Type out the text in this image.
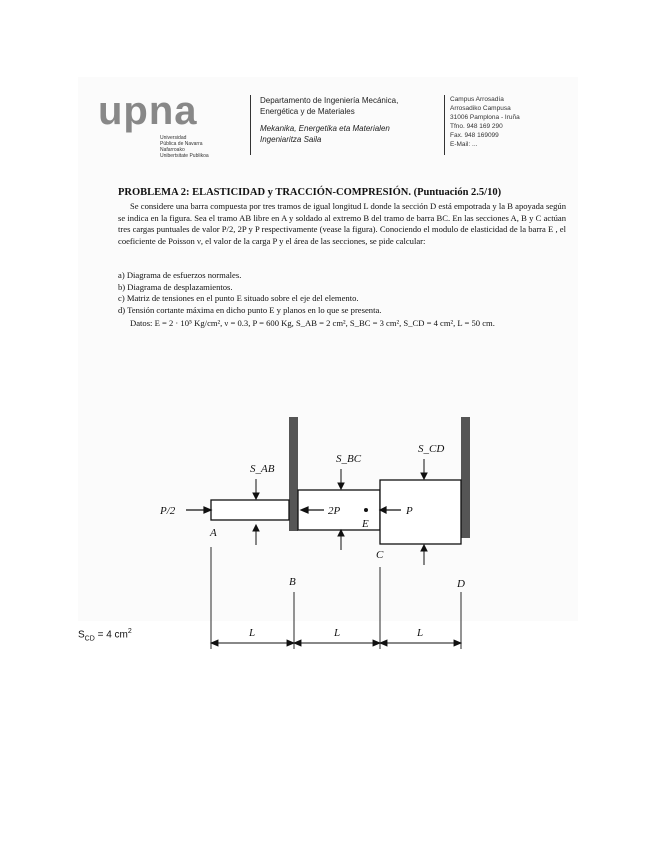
upna
Universidad
Pública de Navarra
Nafarroako
Unibertsitate Publikoa
Departamento de Ingeniería Mecánica,
Energética y de Materiales
Mekanika, Energetika eta Materialen
Ingeniaritza Saila
Campus Arrosadía
Arrosadiko Campusa
31006 Pamplona - Iruña
Tfno. 948 169 290
Fax. 948 169099
E-Mail: ...
PROBLEMA 2: ELASTICIDAD y TRACCIÓN-COMPRESIÓN. (Puntuación 2.5/10)
Se considere una barra compuesta por tres tramos de igual longitud L donde la sección D está empotrada y la B apoyada según se indica en la figura. Sea el tramo AB libre en A y soldado al extremo B del tramo de barra BC. En las secciones A, B y C actúan tres cargas puntuales de valor P/2, 2P y P respectivamente (vease la figura). Conociendo el modulo de elasticidad de la barra E , el coeficiente de Poisson ν, el valor de la carga P y el área de las secciones, se pide calcular:
a) Diagrama de esfuerzos normales.
b) Diagrama de desplazamientos.
c) Matriz de tensiones en el punto E situado sobre el eje del elemento.
d) Tensión cortante máxima en dicho punto E y planos en lo que se presenta.
Datos: E = 2 · 10⁵ Kg/cm², ν = 0.3, P = 600 Kg, S_AB = 2 cm², S_BC = 3 cm², S_CD = 4 cm², L = 50 cm.
S_AB
S_BC
S_CD
P/2	2P	P
E
A
B
C
D
L	L	L
$S_{CD} = 4$ $cm^2$
